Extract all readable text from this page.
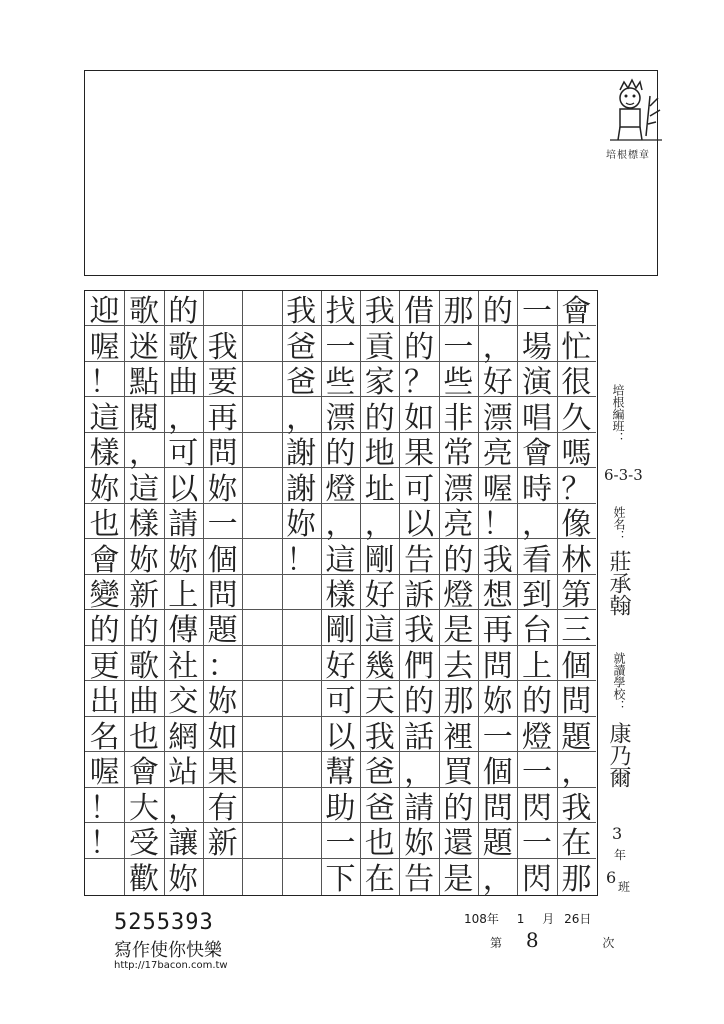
培根標章
會
忙
很
久
嗎
？
像
林
第
三
個
問
題
，
我
在
那
一
場
演
唱
會
時
，
看
到
台
上
的
燈
一
閃
一
閃
的
，
好
漂
亮
喔
！
我
想
再
問
妳
一
個
問
題
，
那
一
些
非
常
漂
亮
的
燈
是
去
那
裡
買
的
還
是
借
的
？
如
果
可
以
告
訴
我
們
的
話
，
請
妳
告
我
貢
家
的
地
址
，
剛
好
這
幾
天
我
爸
爸
也
在
找
一
些
漂
的
燈
，
這
樣
剛
好
可
以
幫
助
一
下
我
爸
爸
，
謝
謝
妳
！
我
要
再
問
妳
一
個
問
題
：
妳
如
果
有
新
的
歌
曲
，
可
以
請
妳
上
傳
社
交
網
站
，
讓
妳
歌
迷
點
閱
，
這
樣
妳
新
的
歌
曲
也
會
大
受
歡
迎
喔
！
這
樣
妳
也
會
變
的
更
出
名
喔
！
！
培根編班：
6-3-3
姓名：
莊承翰
就讀學校：
康乃爾
3
年
6 班
108年 1 月 26日
第 8	次
5255393
寫作使你快樂
http://17bacon.com.tw
